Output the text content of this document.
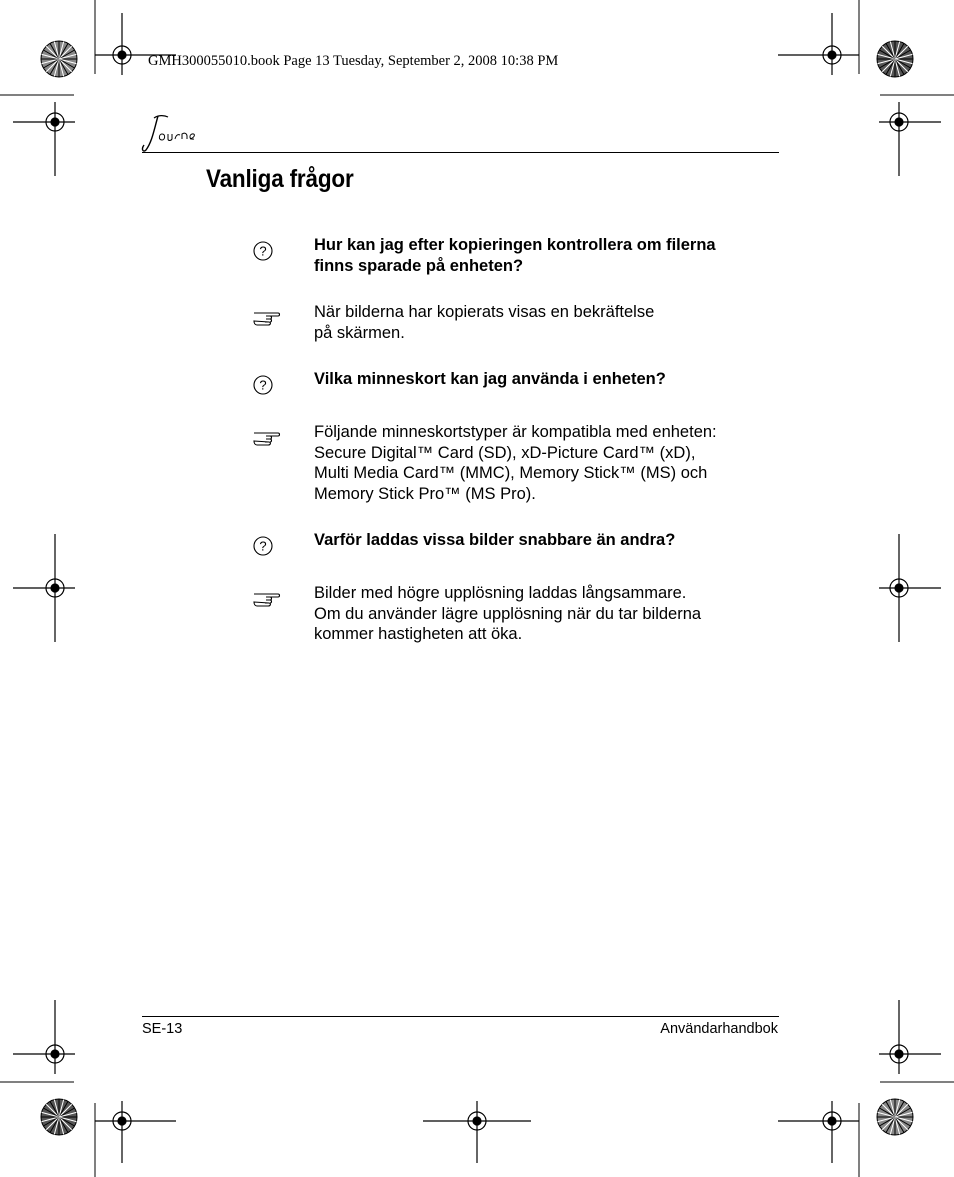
GMH300055010.book Page 13 Tuesday, September 2, 2008 10:38 PM
Vanliga frågor
?	Hur kan jag efter kopieringen kontrollera om filerna
finns sparade på enheten?
När bilderna har kopierats visas en bekräftelse
på skärmen.
?	Vilka minneskort kan jag använda i enheten?
Följande minneskortstyper är kompatibla med enheten:
Secure Digital™ Card (SD), xD-Picture Card™ (xD),
Multi Media Card™ (MMC), Memory Stick™ (MS) och
Memory Stick Pro™ (MS Pro).
?	Varför laddas vissa bilder snabbare än andra?
Bilder med högre upplösning laddas långsammare.
Om du använder lägre upplösning när du tar bilderna
kommer hastigheten att öka.
SE-13	Användarhandbok
